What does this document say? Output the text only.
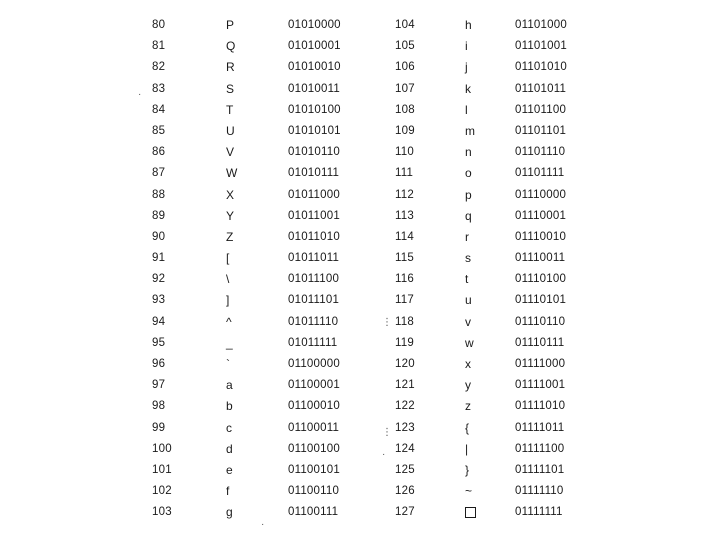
80
81
82
83
84
85
86
87
88
89
90
91
92
93
94
95
96
97
98
99
100
101
102
103
P
Q
R
S
T
U
V
W
X
Y
Z
[
\
]
^
_
`
a
b
c
d
e
f
g
01010000
01010001
01010010
01010011
01010100
01010101
01010110
01010111
01011000
01011001
01011010
01011011
01011100
01011101
01011110
01011111
01100000
01100001
01100010
01100011
01100100
01100101
01100110
01100111
104
105
106
107
108
109
110
111
112
113
114
115
116
117
118
119
120
121
122
123
124
125
126
127
h
i
j
k
l
m
n
o
p
q
r
s
t
u
v
w
x
y
z
{
|
}
~
01101000
01101001
01101010
01101011
01101100
01101101
01101110
01101111
01110000
01110001
01110010
01110011
01110100
01110101
01110110
01110111
01111000
01111001
01111010
01111011
01111100
01111101
01111110
01111111
·
⋮
⋮
·
·
